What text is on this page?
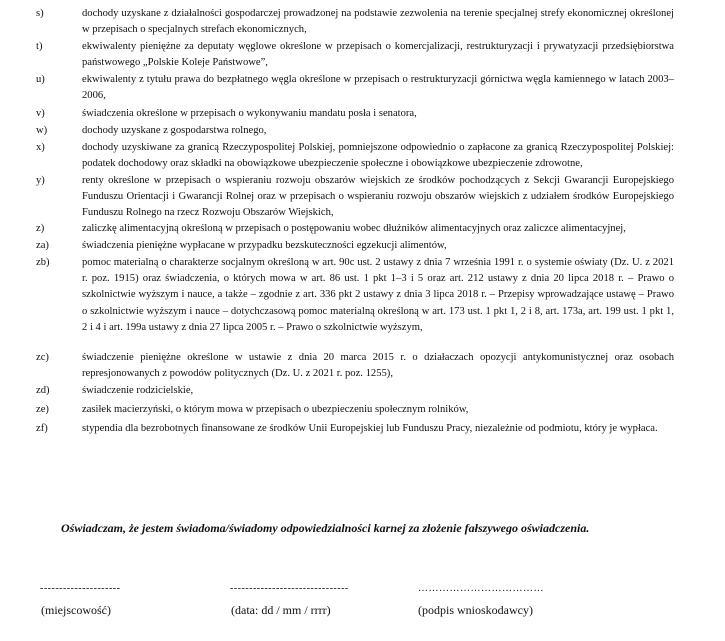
s)	dochody uzyskane z działalności gospodarczej prowadzonej na podstawie zezwolenia na terenie specjalnej strefy ekonomicznej określonej w przepisach o specjalnych strefach ekonomicznych,
t)	ekwiwalenty pieniężne za deputaty węglowe określone w przepisach o komercjalizacji, restrukturyzacji i prywatyzacji przedsiębiorstwa państwowego „Polskie Koleje Państwowe”,
u)	ekwiwalenty z tytułu prawa do bezpłatnego węgla określone w przepisach o restrukturyzacji górnictwa węgla kamiennego w latach 2003–2006,
v)	świadczenia określone w przepisach o wykonywaniu mandatu posła i senatora,
w)	dochody uzyskane z gospodarstwa rolnego,
x)	dochody uzyskiwane za granicą Rzeczypospolitej Polskiej, pomniejszone odpowiednio o zapłacone za granicą Rzeczypospolitej Polskiej: podatek dochodowy oraz składki na obowiązkowe ubezpieczenie społeczne i obowiązkowe ubezpieczenie zdrowotne,
y)	renty określone w przepisach o wspieraniu rozwoju obszarów wiejskich ze środków pochodzących z Sekcji Gwarancji Europejskiego Funduszu Orientacji i Gwarancji Rolnej oraz w przepisach o wspieraniu rozwoju obszarów wiejskich z udziałem środków Europejskiego Funduszu Rolnego na rzecz Rozwoju Obszarów Wiejskich,
z)	zaliczkę alimentacyjną określoną w przepisach o postępowaniu wobec dłużników alimentacyjnych oraz zaliczce alimentacyjnej,
za)	świadczenia pieniężne wypłacane w przypadku bezskuteczności egzekucji alimentów,
zb)	pomoc materialną o charakterze socjalnym określoną w art. 90c ust. 2 ustawy z dnia 7 września 1991 r. o systemie oświaty (Dz. U. z 2021 r. poz. 1915) oraz świadczenia, o których mowa w art. 86 ust. 1 pkt 1–3 i 5 oraz art. 212 ustawy z dnia 20 lipca 2018 r. – Prawo o szkolnictwie wyższym i nauce, a także – zgodnie z art. 336 pkt 2 ustawy z dnia 3 lipca 2018 r. – Przepisy wprowadzające ustawę – Prawo o szkolnictwie wyższym i nauce – dotychczasową pomoc materialną określoną w art. 173 ust. 1 pkt 1, 2 i 8, art. 173a, art. 199 ust. 1 pkt 1, 2 i 4 i art. 199a ustawy z dnia 27 lipca 2005 r. – Prawo o szkolnictwie wyższym,
zc)	świadczenie pieniężne określone w ustawie z dnia 20 marca 2015 r. o działaczach opozycji antykomunistycznej oraz osobach represjonowanych z powodów politycznych (Dz. U. z 2021 r. poz. 1255),
zd)	świadczenie rodzicielskie,
ze)	zasiłek macierzyński, o którym mowa w przepisach o ubezpieczeniu społecznym rolników,
zf)	stypendia dla bezrobotnych finansowane ze środków Unii Europejskiej lub Funduszu Pracy, niezależnie od podmiotu, który je wypłaca.

Oświadczam, że jestem świadoma/świadomy odpowiedzialności karnej za złożenie fałszywego oświadczenia.

---------------------
(miejscowość)
-------------------------------
(data: dd / mm / rrrr)
………………………………
(podpis wnioskodawcy)
